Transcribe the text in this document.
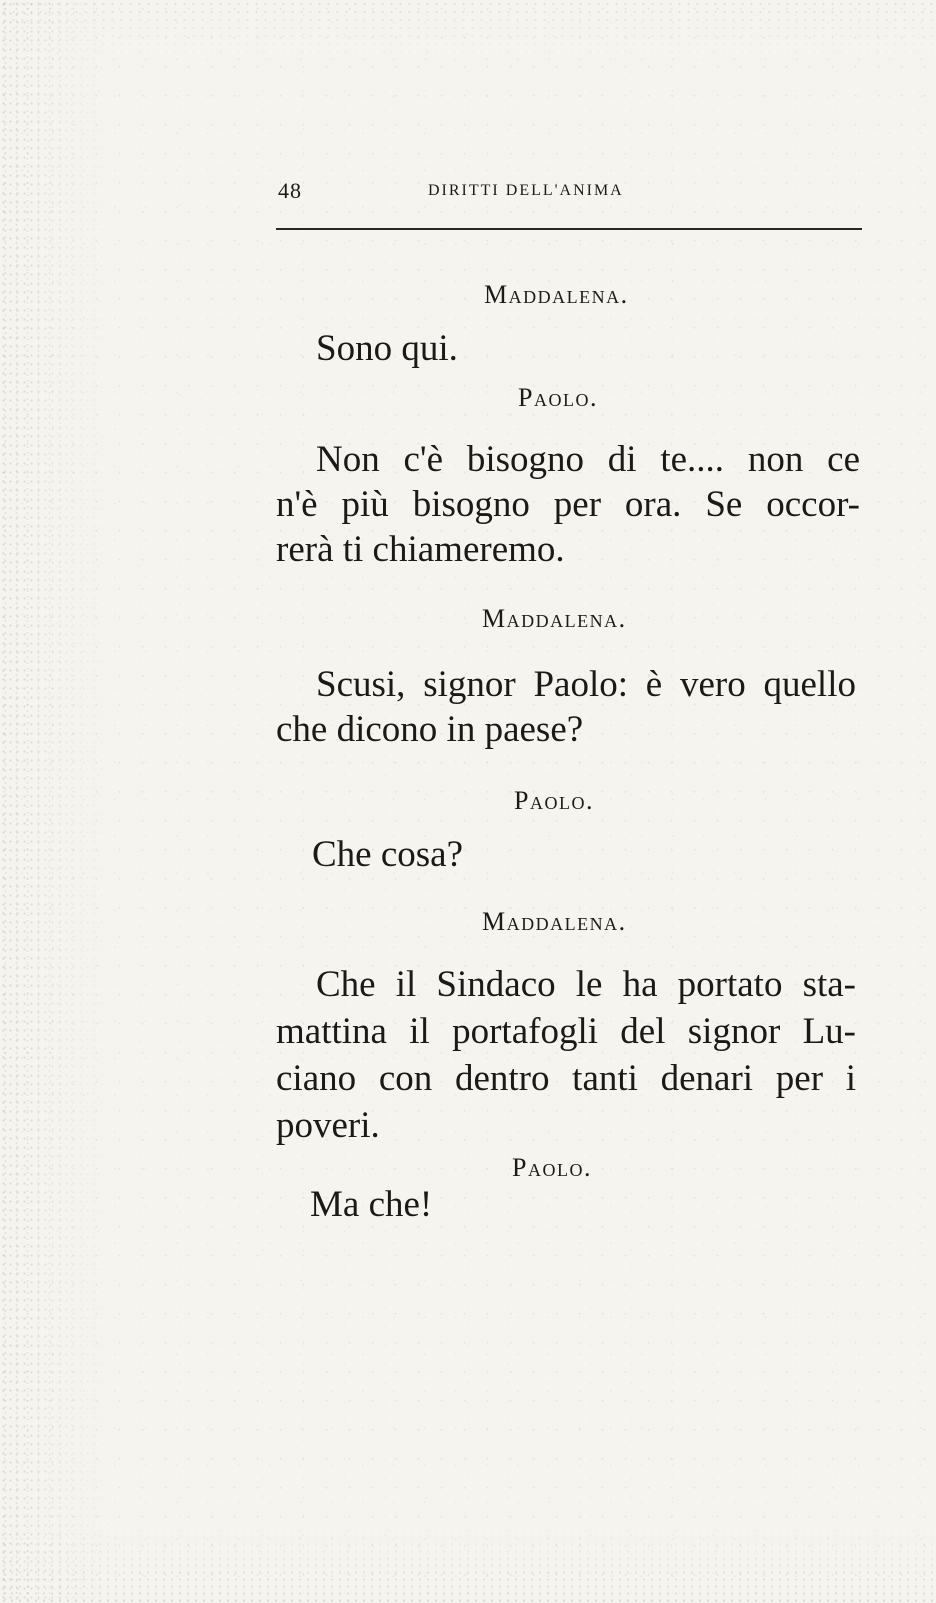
48	DIRITTI DELL'ANIMA
Maddalena.
Sono qui.
Paolo.
Non c'è bisogno di te.... non ce
n'è più bisogno per ora. Se occor-
rerà ti chiameremo.
Maddalena.
Scusi, signor Paolo: è vero quello
che dicono in paese?
Paolo.
Che cosa?
Maddalena.
Che il Sindaco le ha portato sta-
mattina il portafogli del signor Lu-
ciano con dentro tanti denari per i
poveri.
Paolo.
Ma che!
